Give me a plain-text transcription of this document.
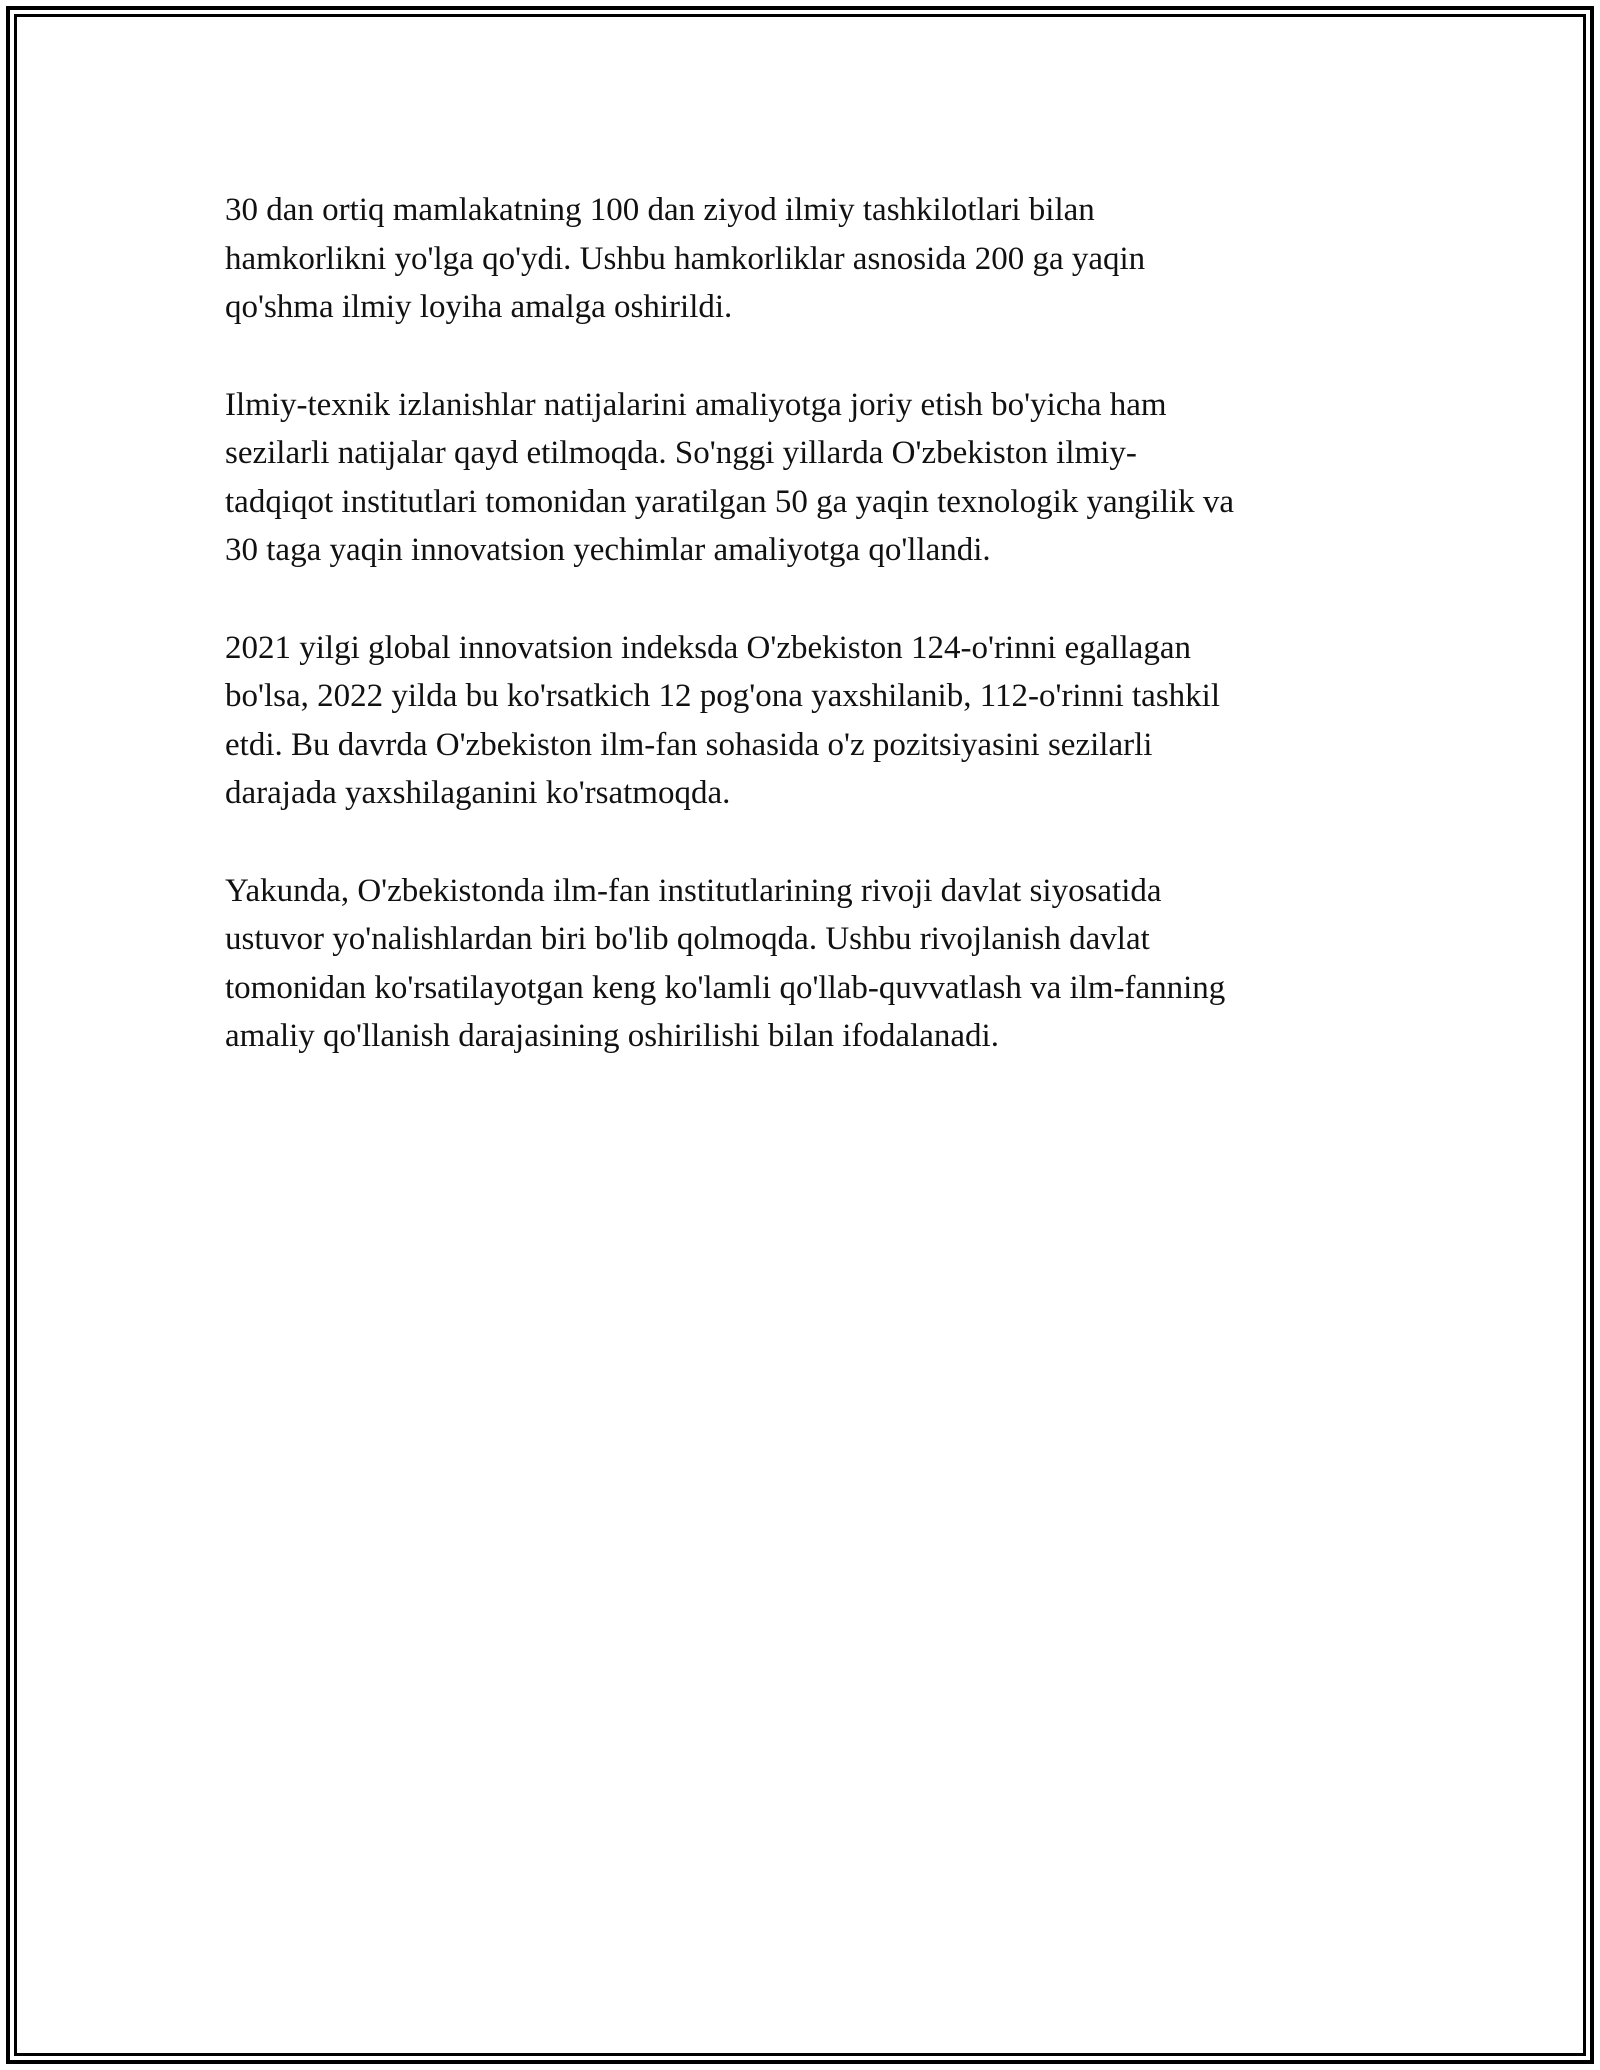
30 dan ortiq mamlakatning 100 dan ziyod ilmiy tashkilotlari bilan
hamkorlikni yo'lga qo'ydi. Ushbu hamkorliklar asnosida 200 ga yaqin
qo'shma ilmiy loyiha amalga oshirildi.

Ilmiy-texnik izlanishlar natijalarini amaliyotga joriy etish bo'yicha ham
sezilarli natijalar qayd etilmoqda. So'nggi yillarda O'zbekiston ilmiy-
tadqiqot institutlari tomonidan yaratilgan 50 ga yaqin texnologik yangilik va
30 taga yaqin innovatsion yechimlar amaliyotga qo'llandi.

2021 yilgi global innovatsion indeksda O'zbekiston 124-o'rinni egallagan
bo'lsa, 2022 yilda bu ko'rsatkich 12 pog'ona yaxshilanib, 112-o'rinni tashkil
etdi. Bu davrda O'zbekiston ilm-fan sohasida o'z pozitsiyasini sezilarli
darajada yaxshilaganini ko'rsatmoqda.

Yakunda, O'zbekistonda ilm-fan institutlarining rivoji davlat siyosatida
ustuvor yo'nalishlardan biri bo'lib qolmoqda. Ushbu rivojlanish davlat
tomonidan ko'rsatilayotgan keng ko'lamli qo'llab-quvvatlash va ilm-fanning
amaliy qo'llanish darajasining oshirilishi bilan ifodalanadi.
